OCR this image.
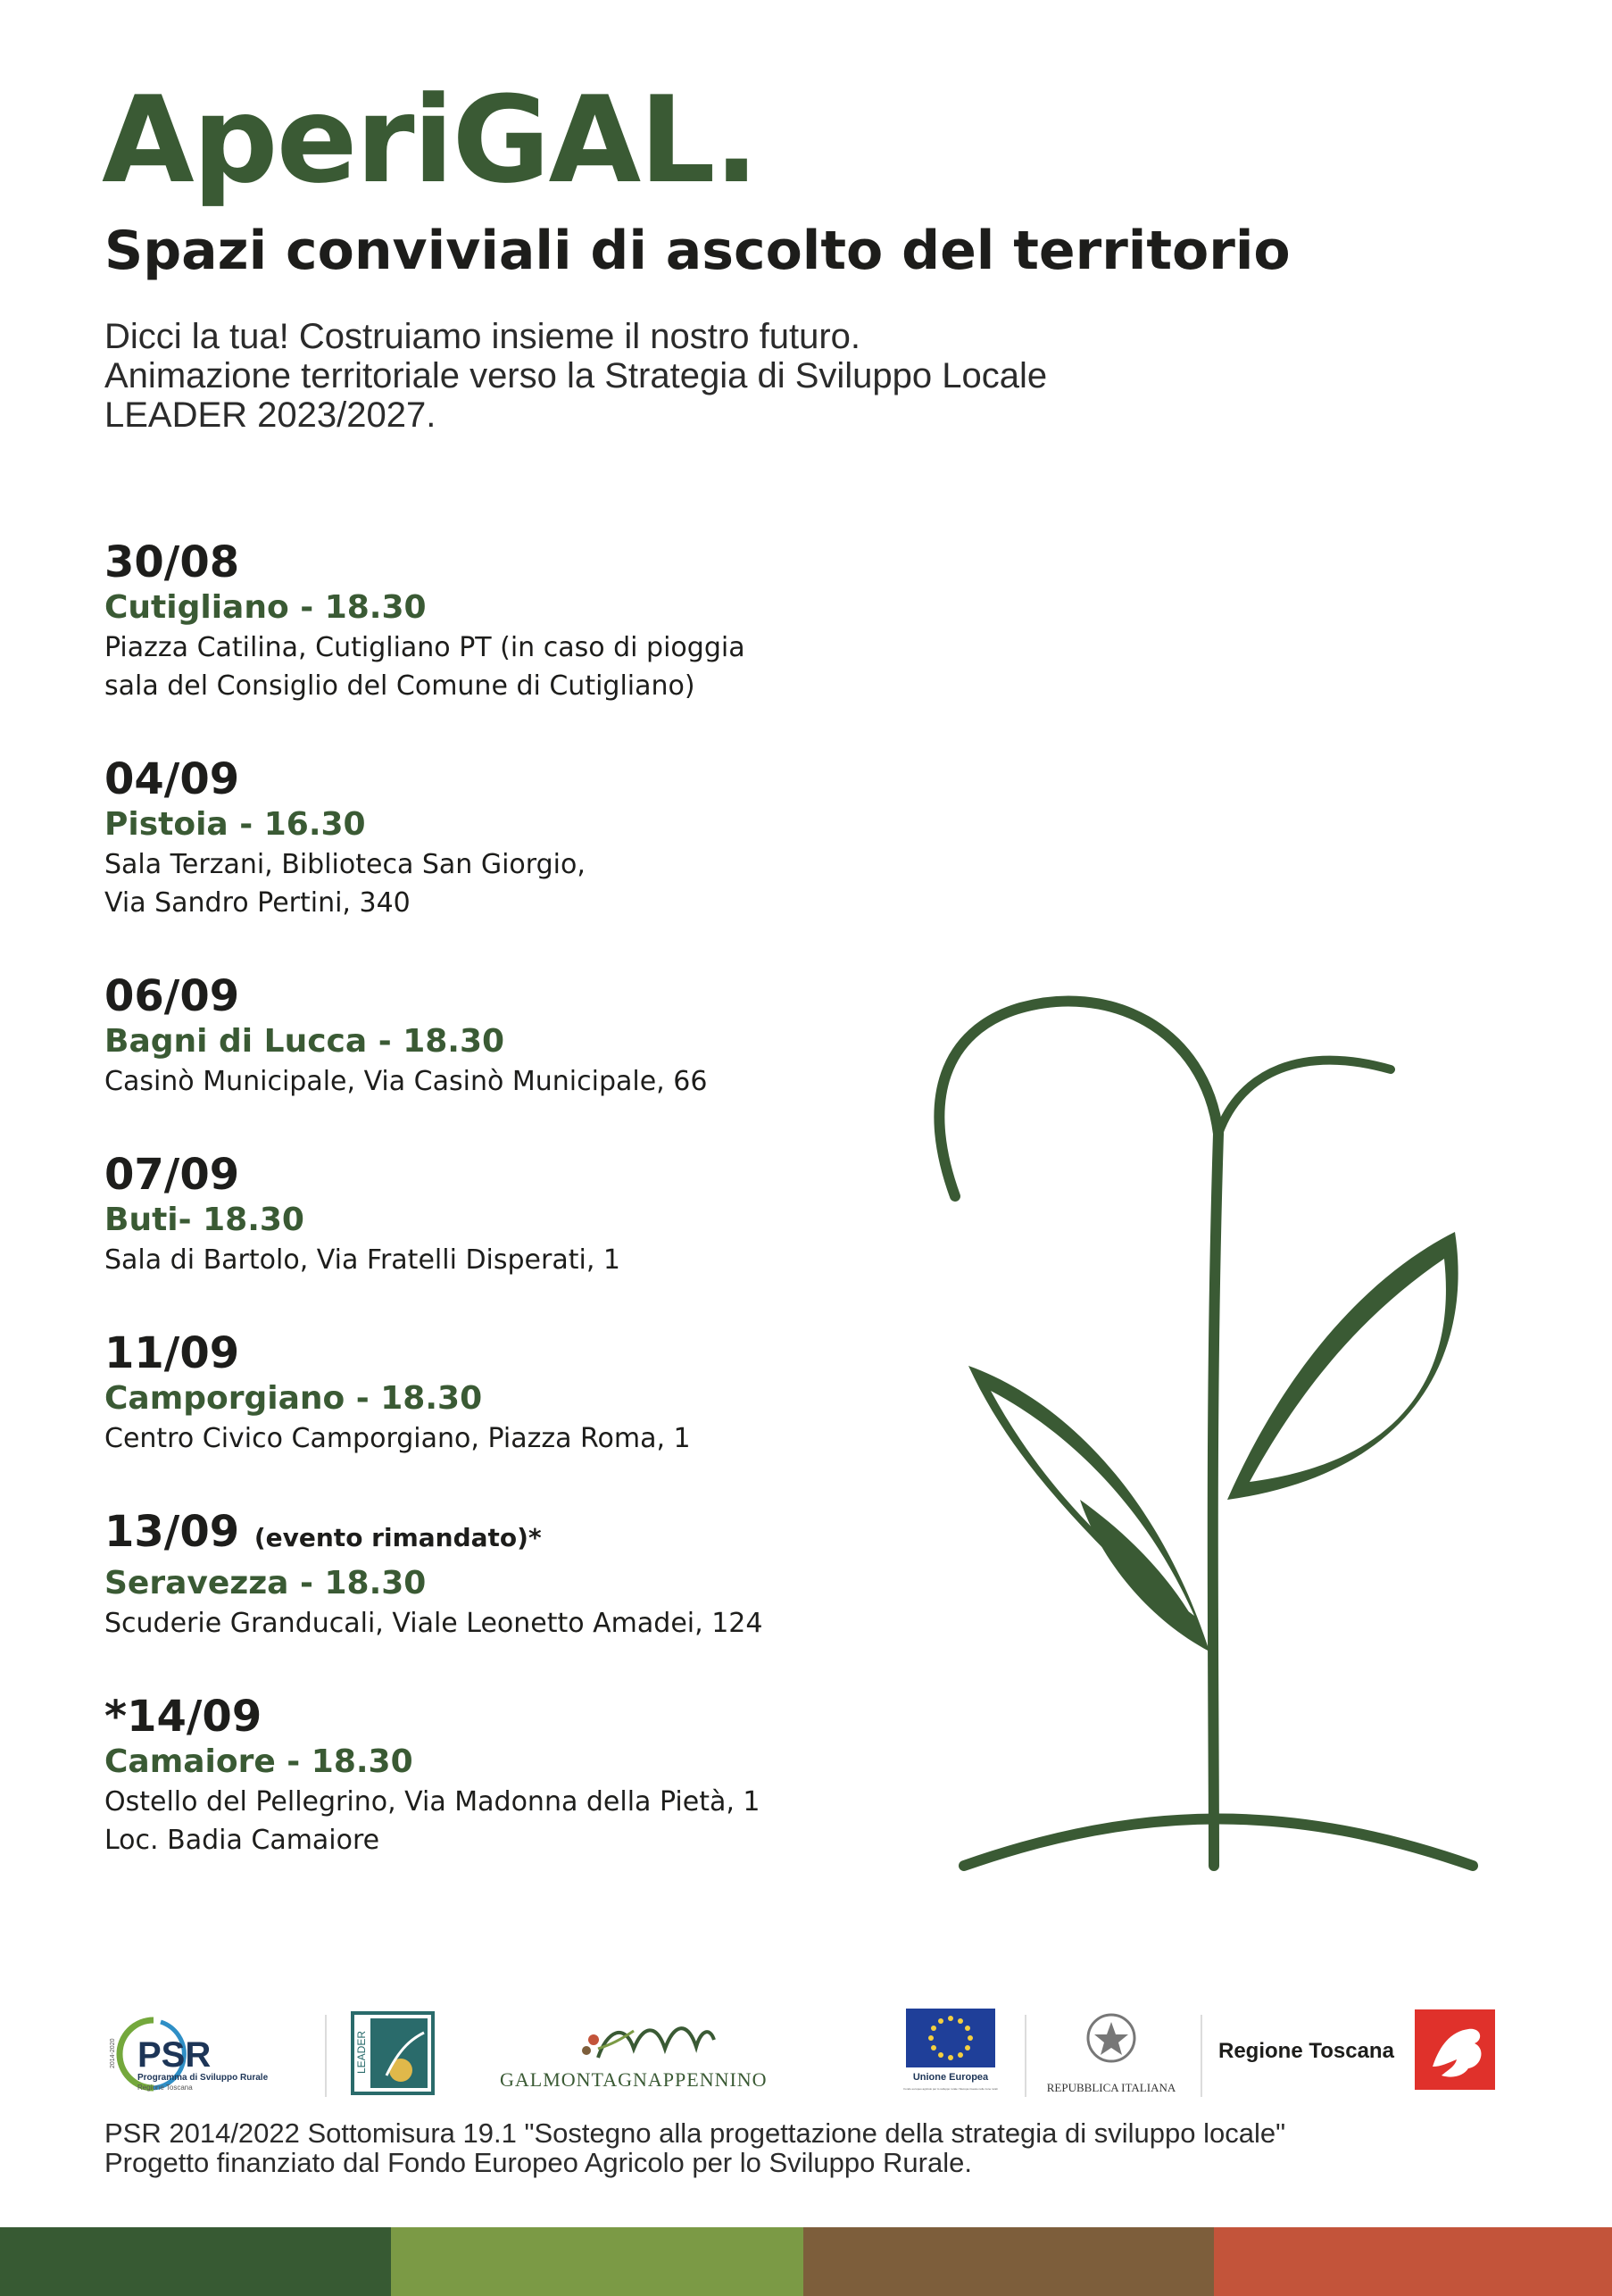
AperiGAL.
Spazi conviviali di ascolto del territorio
Dicci la tua! Costruiamo insieme il nostro futuro.
Animazione territoriale verso la Strategia di Sviluppo Locale
LEADER 2023/2027.
30/08
Cutigliano - 18.30
Piazza Catilina, Cutigliano PT (in caso di pioggia
sala del Consiglio del Comune di Cutigliano)
04/09
Pistoia - 16.30
Sala Terzani, Biblioteca San Giorgio,
Via Sandro Pertini, 340
06/09
Bagni di Lucca - 18.30
Casinò Municipale, Via Casinò Municipale, 66
07/09
Buti- 18.30
Sala di Bartolo, Via Fratelli Disperati, 1
11/09
Camporgiano - 18.30
Centro Civico Camporgiano, Piazza Roma, 1
13/09 (evento rimandato)*
Seravezza - 18.30
Scuderie Granducali, Viale Leonetto Amadei, 124
*14/09
Camaiore - 18.30
Ostello del Pellegrino, Via Madonna della Pietà, 1
Loc. Badia Camaiore
2014-2020 PSR
Programma di Sviluppo Rurale
Regione Toscana
LEADER
GALMONTAGNAPPENNINO	Unione Europea
Fondo europeo agricolo per lo sviluppo rurale: l'Europa investe nelle zone rurali	REPUBBLICA ITALIANA
Regione Toscana
PSR 2014/2022 Sottomisura 19.1 "Sostegno alla progettazione della strategia di sviluppo locale"
Progetto finanziato dal Fondo Europeo Agricolo per lo Sviluppo Rurale.
